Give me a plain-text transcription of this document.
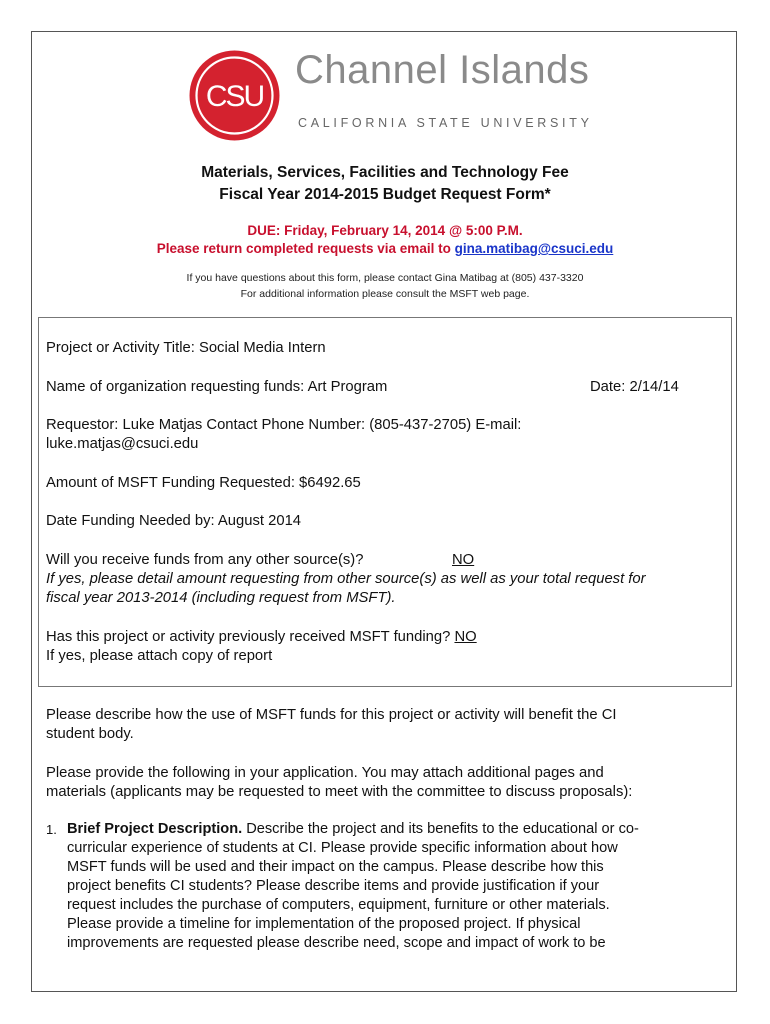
CSU
Channel Islands
CALIFORNIA STATE UNIVERSITY
Materials, Services, Facilities and Technology Fee
Fiscal Year 2014-2015 Budget Request Form*
DUE: Friday, February 14, 2014 @ 5:00 P.M.
Please return completed requests via email to gina.matibag@csuci.edu
If you have questions about this form, please contact Gina Matibag at (805) 437-3320
For additional information please consult the MSFT web page.
Project or Activity Title: Social Media Intern
Name of organization requesting funds: Art Program	Date: 2/14/14
Requestor: Luke Matjas Contact Phone Number: (805-437-2705) E-mail:
luke.matjas@csuci.edu
Amount of MSFT Funding Requested: $6492.65
Date Funding Needed by: August 2014
Will you receive funds from any other source(s)?	NO
If yes, please detail amount requesting from other source(s) as well as your total request for
fiscal year 2013-2014 (including request from MSFT).
Has this project or activity previously received MSFT funding? NO
If yes, please attach copy of report
Please describe how the use of MSFT funds for this project or activity will benefit the CI
student body.
Please provide the following in your application. You may attach additional pages and
materials (applicants may be requested to meet with the committee to discuss proposals):
1. Brief Project Description. Describe the project and its benefits to the educational or co-
curricular experience of students at CI. Please provide specific information about how
MSFT funds will be used and their impact on the campus. Please describe how this
project benefits CI students? Please describe items and provide justification if your
request includes the purchase of computers, equipment, furniture or other materials.
Please provide a timeline for implementation of the proposed project. If physical
improvements are requested please describe need, scope and impact of work to be
